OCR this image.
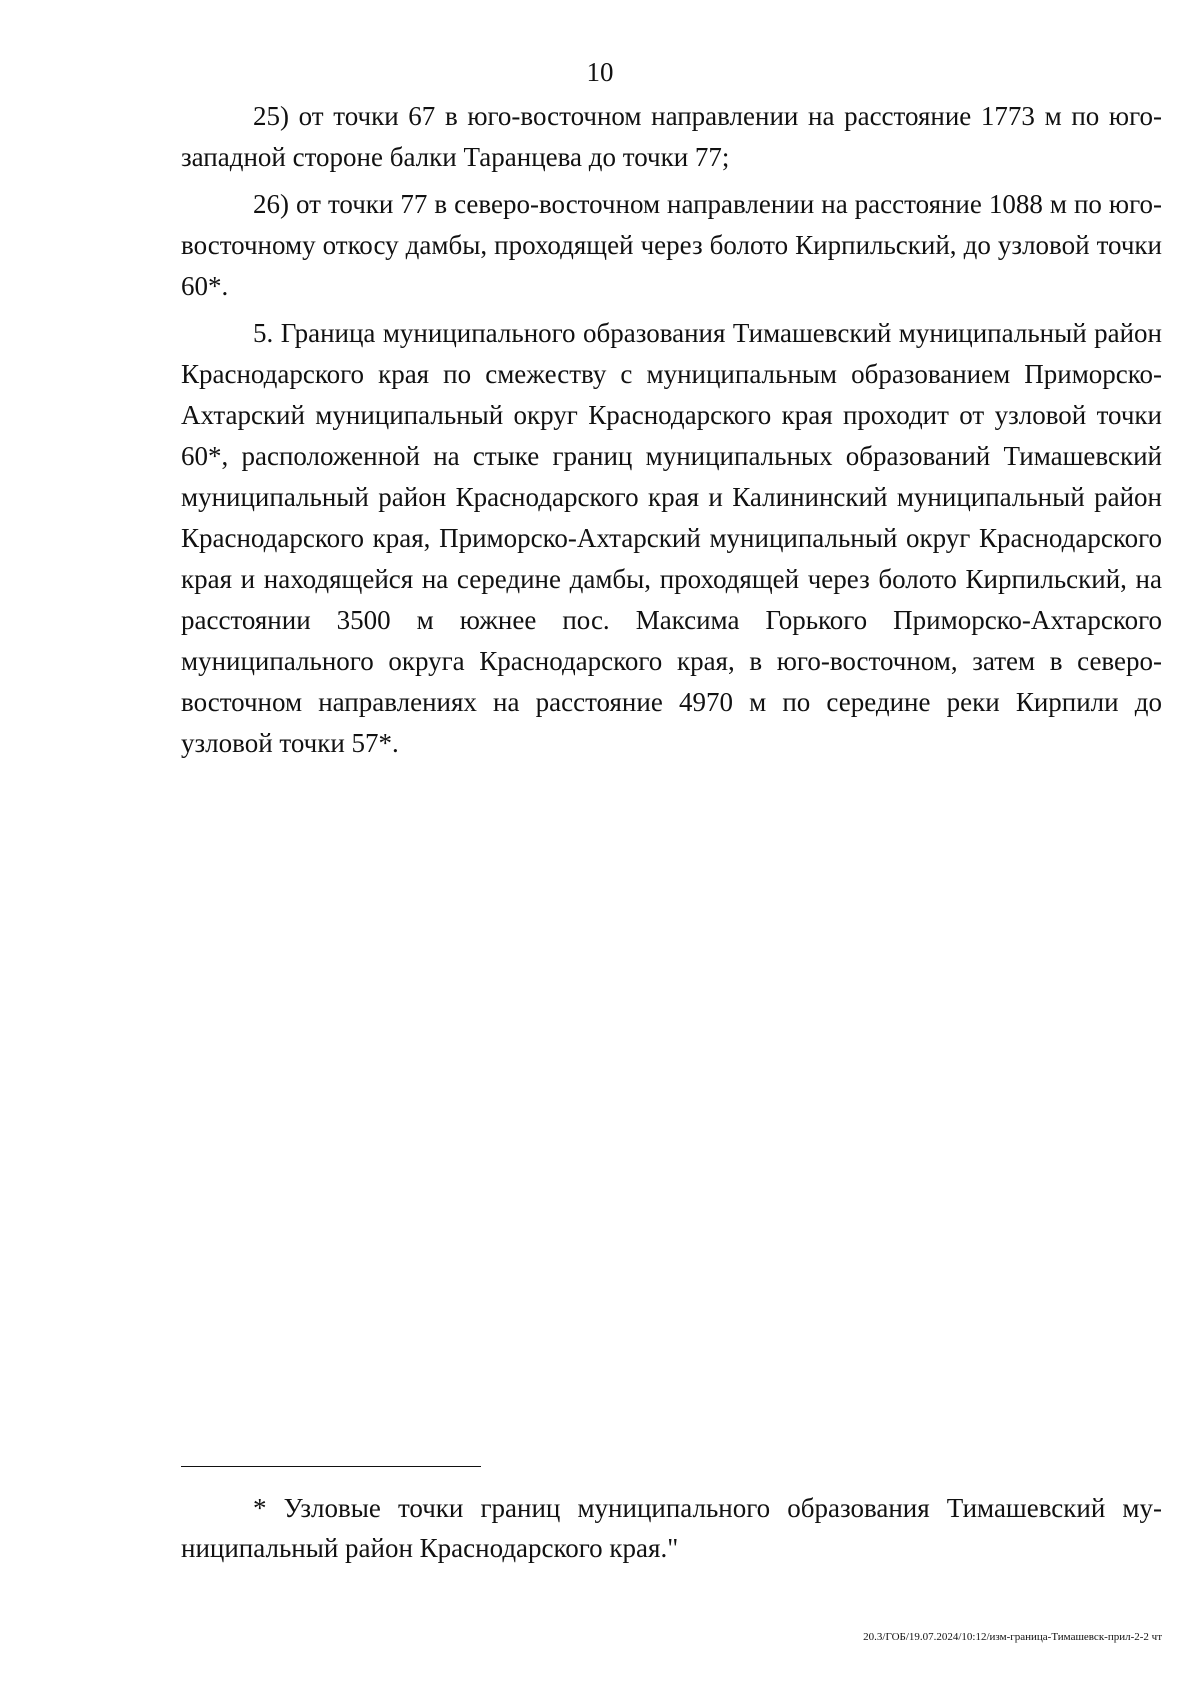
10

25) от точки 67 в юго-восточном направлении на расстояние 1773 м по юго-западной стороне балки Таранцева до точки 77;

26) от точки 77 в северо-восточном направлении на расстояние 1088 м по юго-восточному откосу дамбы, проходящей через болото Кирпильский, до узловой точки 60*.

5. Граница муниципального образования Тимашевский муниципальный район Краснодарского края по смежеству с муниципальным образованием Приморско-Ахтарский муниципальный округ Краснодарского края проходит от узловой точки 60*, расположенной на стыке границ муниципальных образований Тимашевский муниципальный район Краснодарского края и Калининский муниципальный район Краснодарского края, Приморско-Ахтарский муниципальный округ Краснодарского края и находящейся на середине дамбы, проходящей через болото Кирпильский, на расстоянии 3500 м южнее пос. Максима Горького Приморско-Ахтарского муниципального округа Краснодарского края, в юго-восточном, затем в северо-восточном направлениях на расстояние 4970 м по середине реки Кирпили до узловой точки 57*.

* Узловые точки границ муниципального образования Тимашевский муниципальный район Краснодарского края."

20.3/ГОБ/19.07.2024/10:12/изм-граница-Тимашевск-прил-2-2 чт
